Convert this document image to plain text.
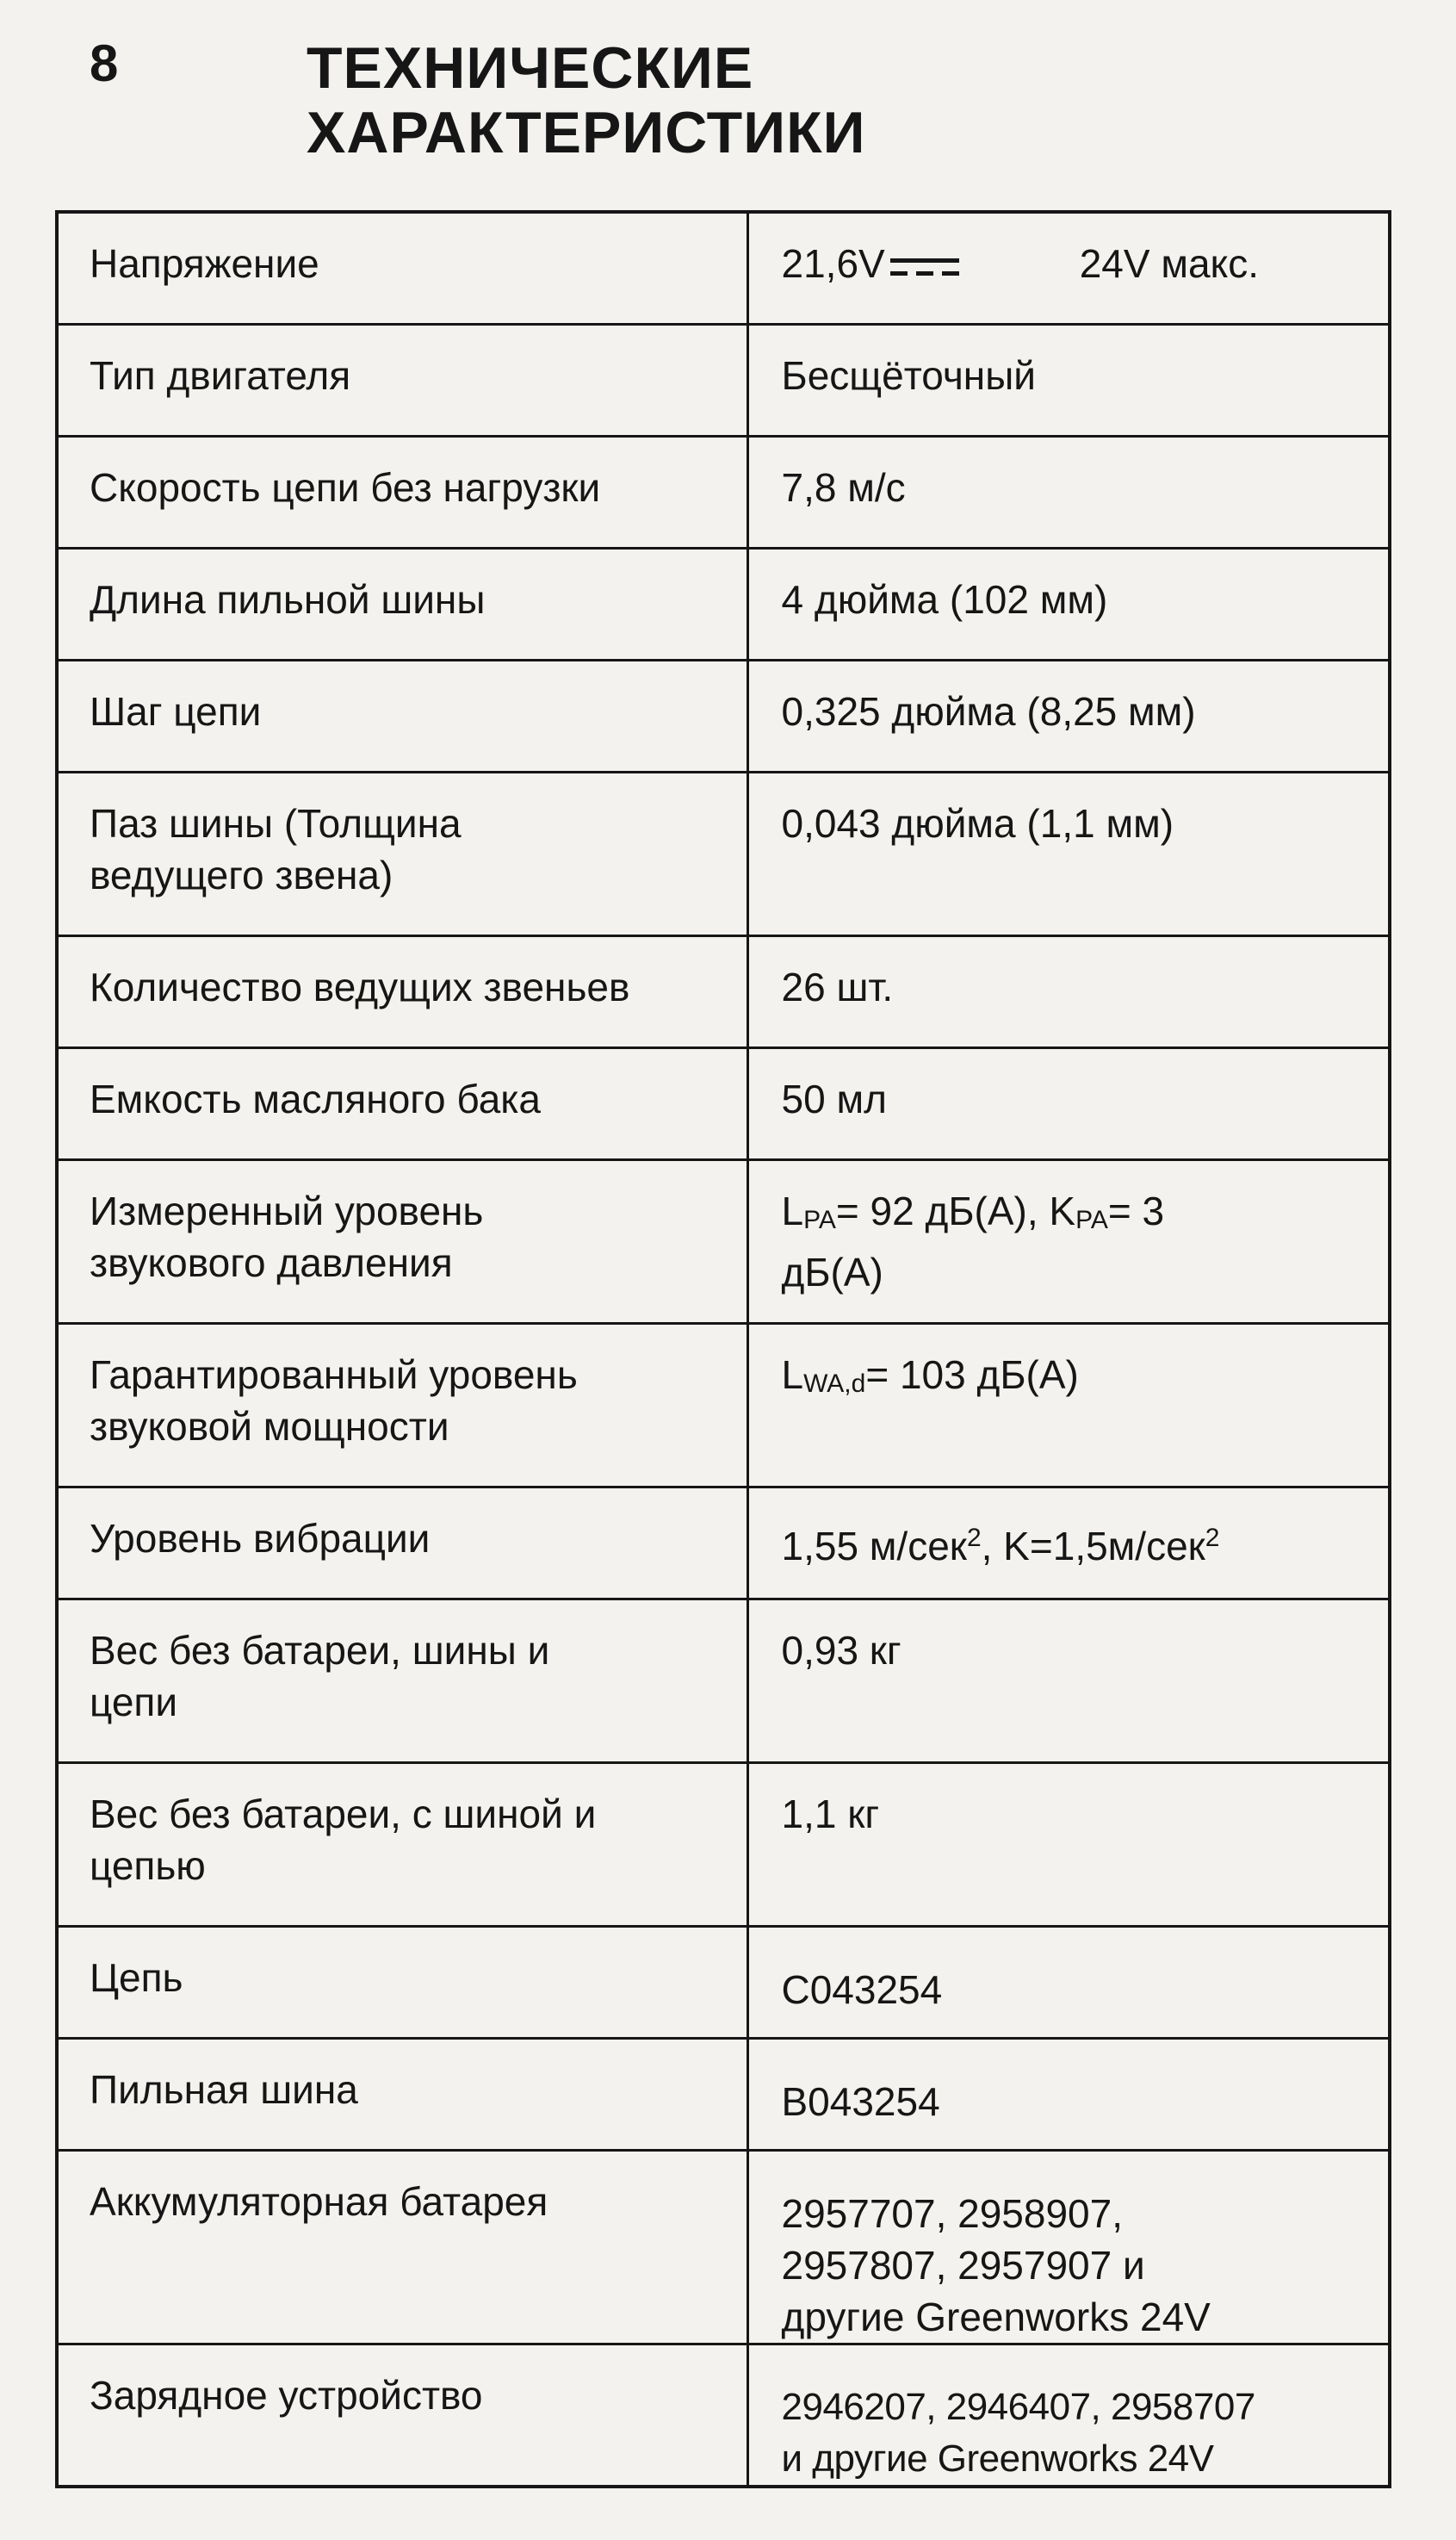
8	ТЕХНИЧЕСКИЕ
ХАРАКТЕРИСТИКИ
Напряжение	21,6V 24V макс.
Тип двигателя	Бесщёточный
Скорость цепи без нагрузки	7,8 м/с
Длина пильной шины	4 дюйма (102 мм)
Шаг цепи	0,325 дюйма (8,25 мм)
Паз шины (Толщина
ведущего звена)	0,043 дюйма (1,1 мм)
Количество ведущих звеньев	26 шт.
Емкость масляного бака	50 мл
Измеренный уровень
звукового давления	LPA= 92 дБ(А), KPA= 3
дБ(А)
Гарантированный уровень
звуковой мощности	LWA,d= 103 дБ(А)
Уровень вибрации	1,55 м/сек$^2$, K=1,5м/сек$^2$
Вес без батареи, шины и
цепи	0,93 кг
Вес без батареи, с шиной и
цепью	1,1 кг
Цепь	C043254
Пильная шина	B043254
Аккумуляторная батарея	2957707, 2958907,
2957807, 2957907 и
другие Greenworks 24V
Зарядное устройство	2946207, 2946407, 2958707
и другие Greenworks 24V
